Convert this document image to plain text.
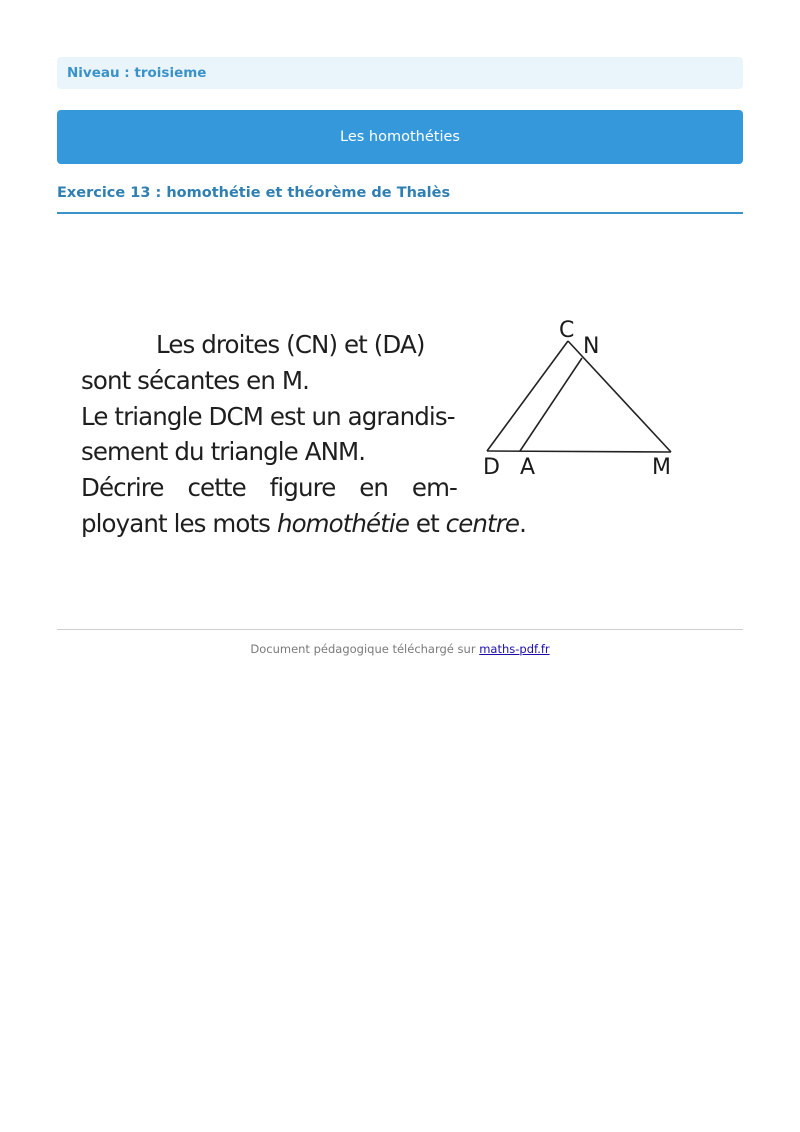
Niveau : troisieme
Les homothéties
Exercice 13 : homothétie et théorème de Thalès
Les droites (CN) et (DA)
sont sécantes en M.
Le triangle DCM est un agrandis-
sement du triangle ANM.
Décrire cette figure en em-
ployant les mots homothétie et centre.
C
N
D A	M
Document pédagogique téléchargé sur maths-pdf.fr
